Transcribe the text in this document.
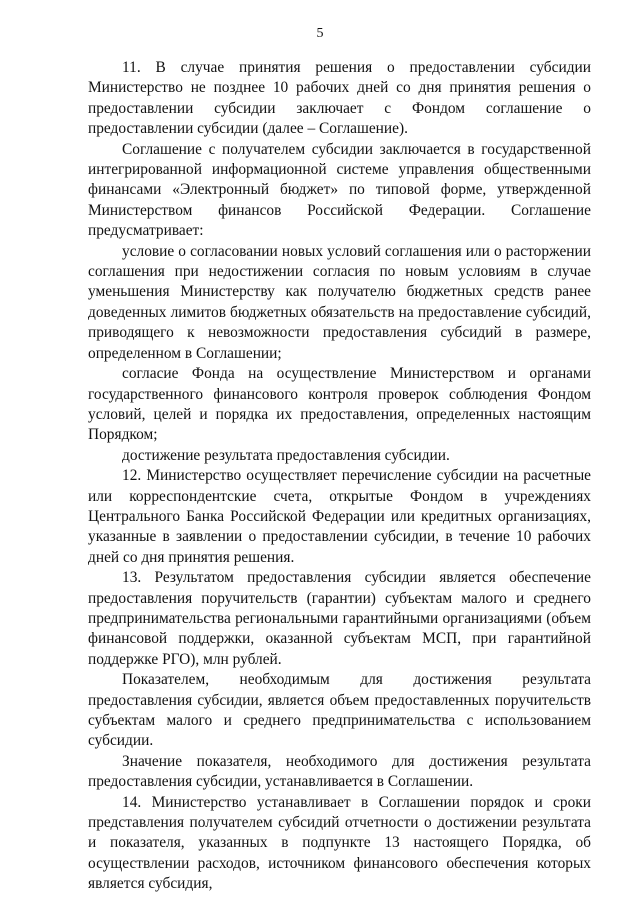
5

11. В случае принятия решения о предоставлении субсидии Министерство не позднее 10 рабочих дней со дня принятия решения о предоставлении субсидии заключает с Фондом соглашение о предоставлении субсидии (далее – Соглашение).

Соглашение с получателем субсидии заключается в государственной интегрированной информационной системе управления общественными финансами «Электронный бюджет» по типовой форме, утвержденной Министерством финансов Российской Федерации. Соглашение предусматривает:

условие о согласовании новых условий соглашения или о расторжении соглашения при недостижении согласия по новым условиям в случае уменьшения Министерству как получателю бюджетных средств ранее доведенных лимитов бюджетных обязательств на предоставление субсидий, приводящего к невозможности предоставления субсидий в размере, определенном в Соглашении;

согласие Фонда на осуществление Министерством и органами государственного финансового контроля проверок соблюдения Фондом условий, целей и порядка их предоставления, определенных настоящим Порядком;

достижение результата предоставления субсидии.

12. Министерство осуществляет перечисление субсидии на расчетные или корреспондентские счета, открытые Фондом в учреждениях Центрального Банка Российской Федерации или кредитных организациях, указанные в заявлении о предоставлении субсидии, в течение 10 рабочих дней со дня принятия решения.

13. Результатом предоставления субсидии является обеспечение предоставления поручительств (гарантии) субъектам малого и среднего предпринимательства региональными гарантийными организациями (объем финансовой поддержки, оказанной субъектам МСП, при гарантийной поддержке РГО), млн рублей.

Показателем, необходимым для достижения результата предоставления субсидии, является объем предоставленных поручительств субъектам малого и среднего предпринимательства с использованием субсидии.

Значение показателя, необходимого для достижения результата предоставления субсидии, устанавливается в Соглашении.

14. Министерство устанавливает в Соглашении порядок и сроки представления получателем субсидий отчетности о достижении результата и показателя, указанных в подпункте 13 настоящего Порядка, об осуществлении расходов, источником финансового обеспечения которых является субсидия,
